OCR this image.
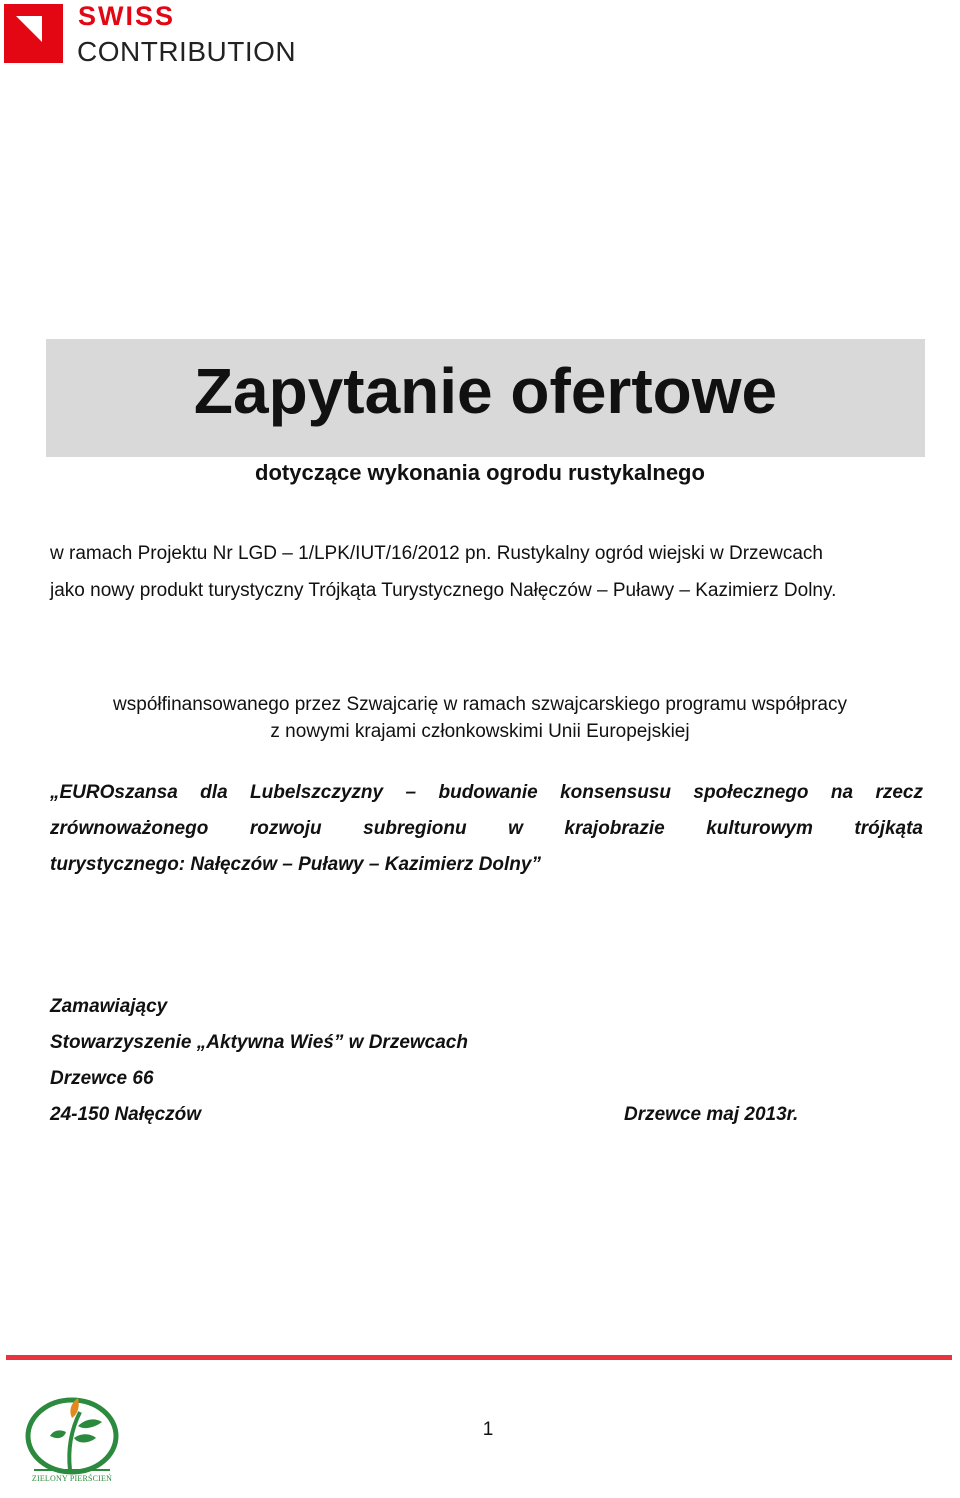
SWISS
CONTRIBUTION
Zapytanie ofertowe
dotyczące wykonania ogrodu rustykalnego
w ramach Projektu Nr LGD – 1/LPK/IUT/16/2012 pn. Rustykalny ogród wiejski w Drzewcach
jako nowy produkt turystyczny Trójkąta Turystycznego Nałęczów – Puławy – Kazimierz Dolny.
współfinansowanego przez Szwajcarię w ramach szwajcarskiego programu współpracy
z nowymi krajami członkowskimi Unii Europejskiej
„EUROszansa dla Lubelszczyzny – budowanie konsensusu społecznego na rzecz
zrównoważonego rozwoju subregionu w krajobrazie kulturowym trójkąta
turystycznego: Nałęczów – Puławy – Kazimierz Dolny”
Zamawiający
Stowarzyszenie „Aktywna Wieś” w Drzewcach
Drzewce 66
24-150 Nałęczów	Drzewce maj 2013r.
ZIELONY PIERŚCIEŃ
1
